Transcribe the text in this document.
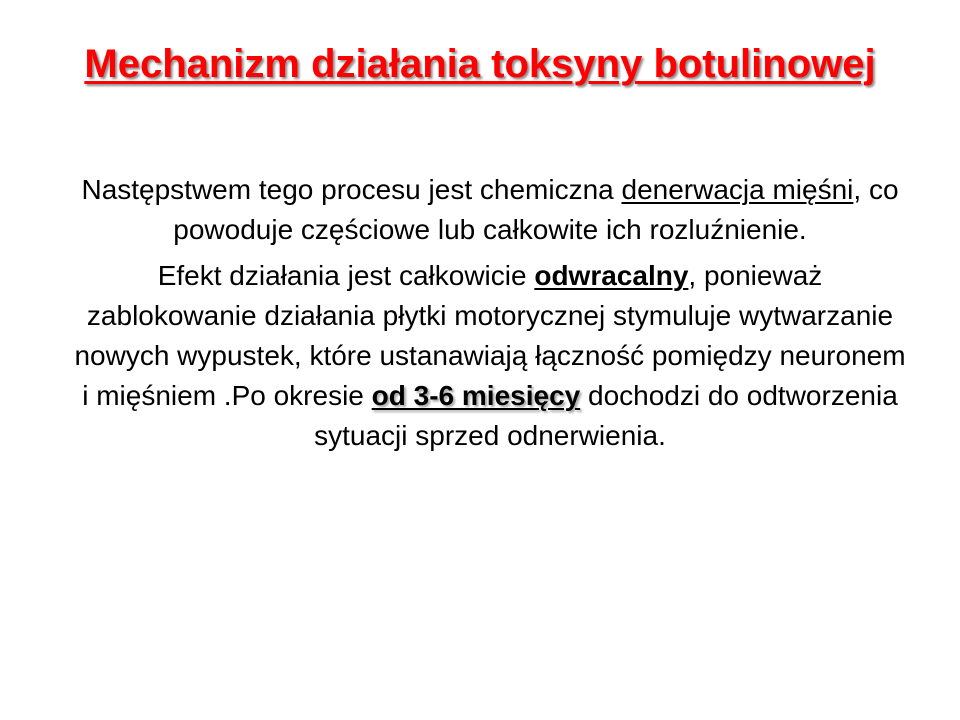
Mechanizm działania toksyny botulinowej

Następstwem tego procesu jest chemiczna denerwacja mięśni, co powoduje częściowe lub całkowite ich rozluźnienie.

Efekt działania jest całkowicie odwracalny, ponieważ zablokowanie działania płytki motorycznej stymuluje wytwarzanie nowych wypustek, które ustanawiają łączność pomiędzy neuronem i mięśniem .Po okresie od 3-6 miesięcy dochodzi do odtworzenia sytuacji sprzed odnerwienia.
